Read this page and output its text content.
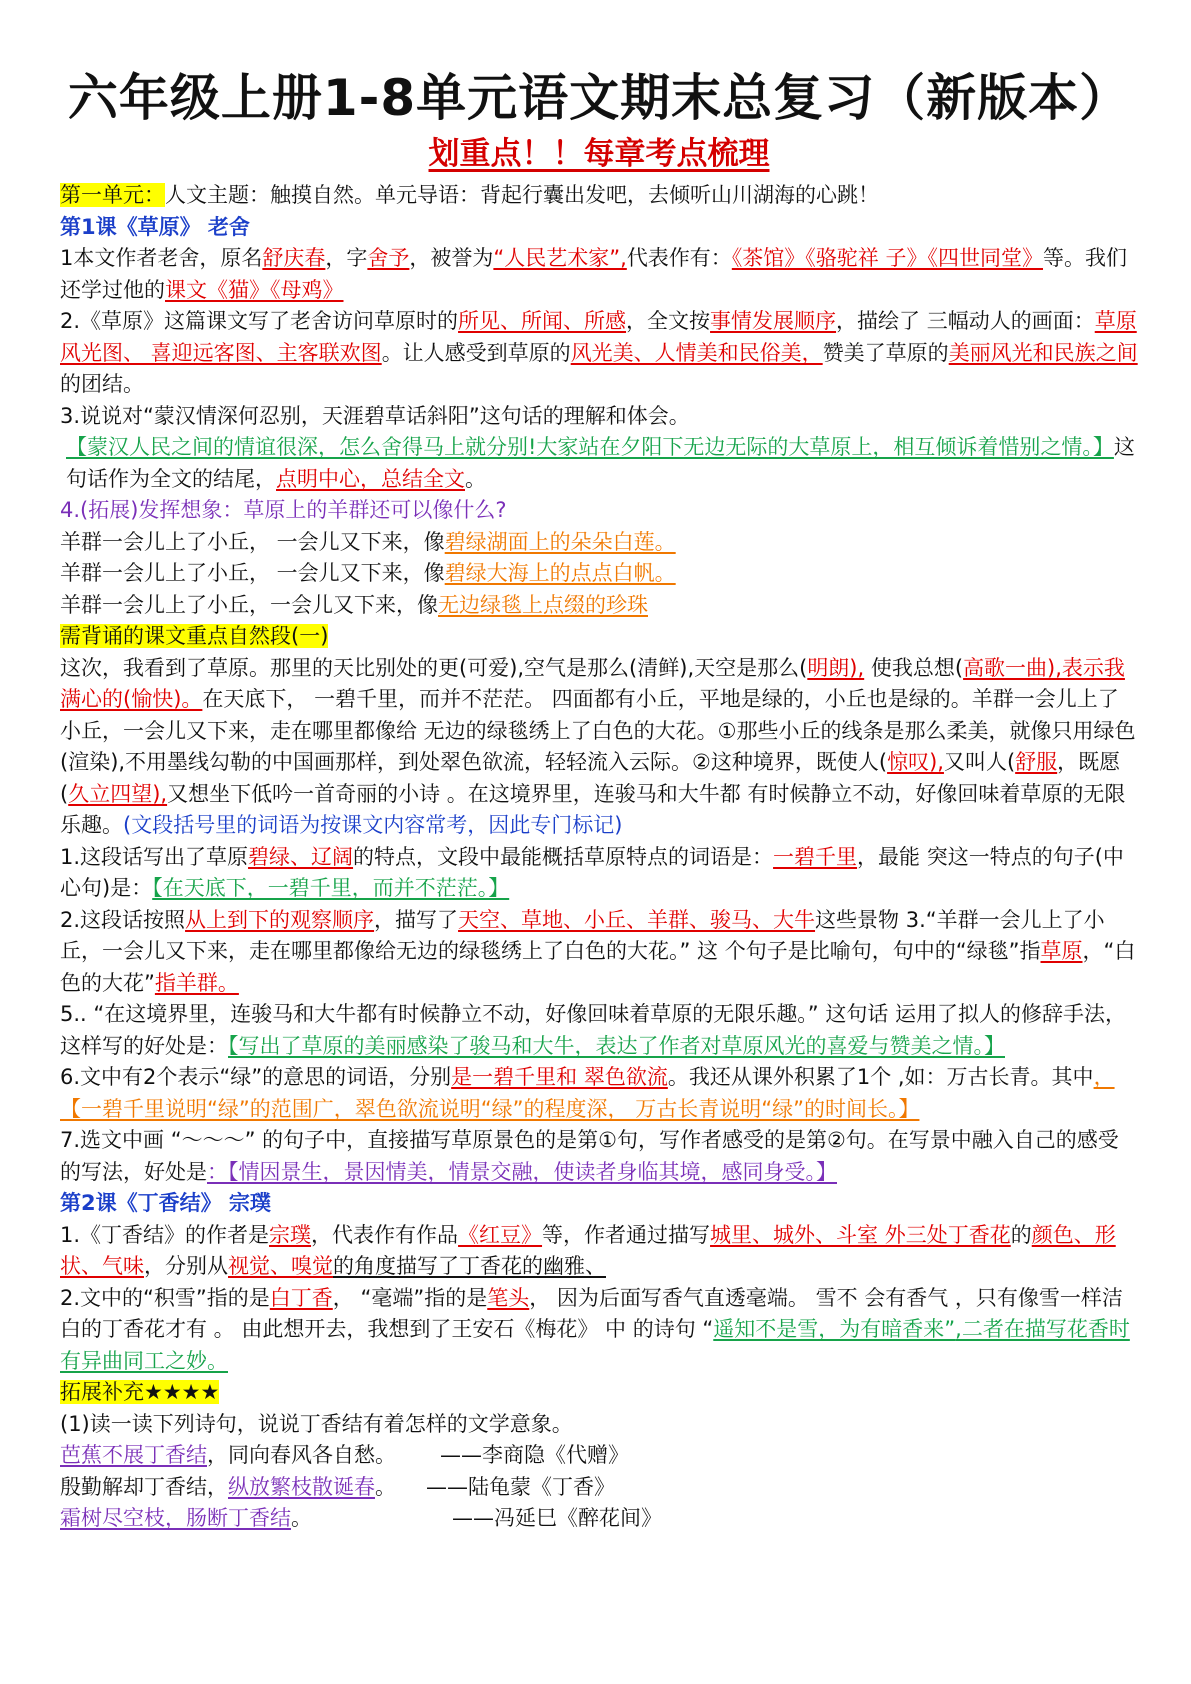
六年级上册1-8单元语文期末总复习（新版本）
划重点！！每章考点梳理

第一单元：人文主题：触摸自然。单元导语：背起行囊出发吧，去倾听山川湖海的心跳！

第1课《草原》 老舍

1本文作者老舍，原名舒庆春，字舍予，被誉为“人民艺术家”,代表作有：《茶馆》《骆驼祥 子》《四世同堂》等。我们还学过他的课文《猫》《母鸡》

2.《草原》这篇课文写了老舍访问草原时的所见、所闻、所感，全文按事情发展顺序，描绘了 三幅动人的画面：草原风光图、 喜迎远客图、主客联欢图。让人感受到草原的风光美、人情美和民俗美，赞美了草原的美丽风光和民族之间的团结。

3.说说对“蒙汉情深何忍别，天涯碧草话斜阳”这句话的理解和体会。

【蒙汉人民之间的情谊很深，怎么舍得马上就分别!大家站在夕阳下无边无际的大草原上，相互倾诉着惜别之情。】这句话作为全文的结尾，点明中心，总结全文。

4.(拓展)发挥想象：草原上的羊群还可以像什么?

羊群一会儿上了小丘， 一会儿又下来，像碧绿湖面上的朵朵白莲。

羊群一会儿上了小丘， 一会儿又下来，像碧绿大海上的点点白帆。

羊群一会儿上了小丘，一会儿又下来，像无边绿毯上点缀的珍珠

需背诵的课文重点自然段(一)

这次，我看到了草原。那里的天比别处的更(可爱),空气是那么(清鲜),天空是那么(明朗), 使我总想(高歌一曲),表示我满心的(愉快)。在天底下， 一碧千里，而并不茫茫。 四面都有小丘，平地是绿的，小丘也是绿的。羊群一会儿上了小丘，一会儿又下来，走在哪里都像给 无边的绿毯绣上了白色的大花。①那些小丘的线条是那么柔美，就像只用绿色(渲染),不用墨线勾勒的中国画那样，到处翠色欲流，轻轻流入云际。②这种境界，既使人(惊叹),又叫人(舒服，既愿(久立四望),又想坐下低吟一首奇丽的小诗 。在这境界里，连骏马和大牛都 有时候静立不动，好像回味着草原的无限乐趣。(文段括号里的词语为按课文内容常考，因此专门标记)

1.这段话写出了草原碧绿、辽阔的特点，文段中最能概括草原特点的词语是：一碧千里，最能 突这一特点的句子(中心句)是：【在天底下，一碧千里，而并不茫茫。】

2.这段话按照从上到下的观察顺序，描写了天空、草地、小丘、羊群、骏马、大牛这些景物 3.“羊群一会儿上了小丘，一会儿又下来，走在哪里都像给无边的绿毯绣上了白色的大花。” 这 个句子是比喻句，句中的“绿毯”指草原，“白色的大花”指羊群。

5.. “在这境界里，连骏马和大牛都有时候静立不动，好像回味着草原的无限乐趣。” 这句话 运用了拟人的修辞手法，这样写的好处是：【写出了草原的美丽感染了骏马和大牛，表达了作者对草原风光的喜爱与赞美之情。】

6.文中有2个表示“绿”的意思的词语，分别是一碧千里和 翠色欲流。我还从课外积累了1个 ,如：万古长青。其中，【一碧千里说明“绿”的范围广，翠色欲流说明“绿”的程度深， 万古长青说明“绿”的时间长。】

7.选文中画 “～～～” 的句子中，直接描写草原景色的是第①句，写作者感受的是第②句。在写景中融入自己的感受的写法，好处是：【情因景生，景因情美，情景交融，使读者身临其境，感同身受。】

第2课《丁香结》 宗璞

1.《丁香结》的作者是宗璞，代表作有作品《红豆》等，作者通过描写城里、城外、斗室 外三处丁香花的颜色、形状、气味，分别从视觉、嗅觉的角度描写了丁香花的幽雅、

2.文中的“积雪”指的是白丁香， “毫端”指的是笔头， 因为后面写香气直透毫端。 雪不 会有香气 ，只有像雪一样洁白的丁香花才有 。 由此想开去，我想到了王安石《梅花》 中 的诗句 “遥知不是雪，为有暗香来”,二者在描写花香时有异曲同工之妙。

拓展补充★★★★

(1)读一读下列诗句，说说丁香结有着怎样的文学意象。

芭蕉不展丁香结，同向春风各自愁。 ——李商隐《代赠》

殷勤解却丁香结，纵放繁枝散诞春。 ——陆龟蒙《丁香》

霜树尽空枝，肠断丁香结。	——冯延巳《醉花间》
